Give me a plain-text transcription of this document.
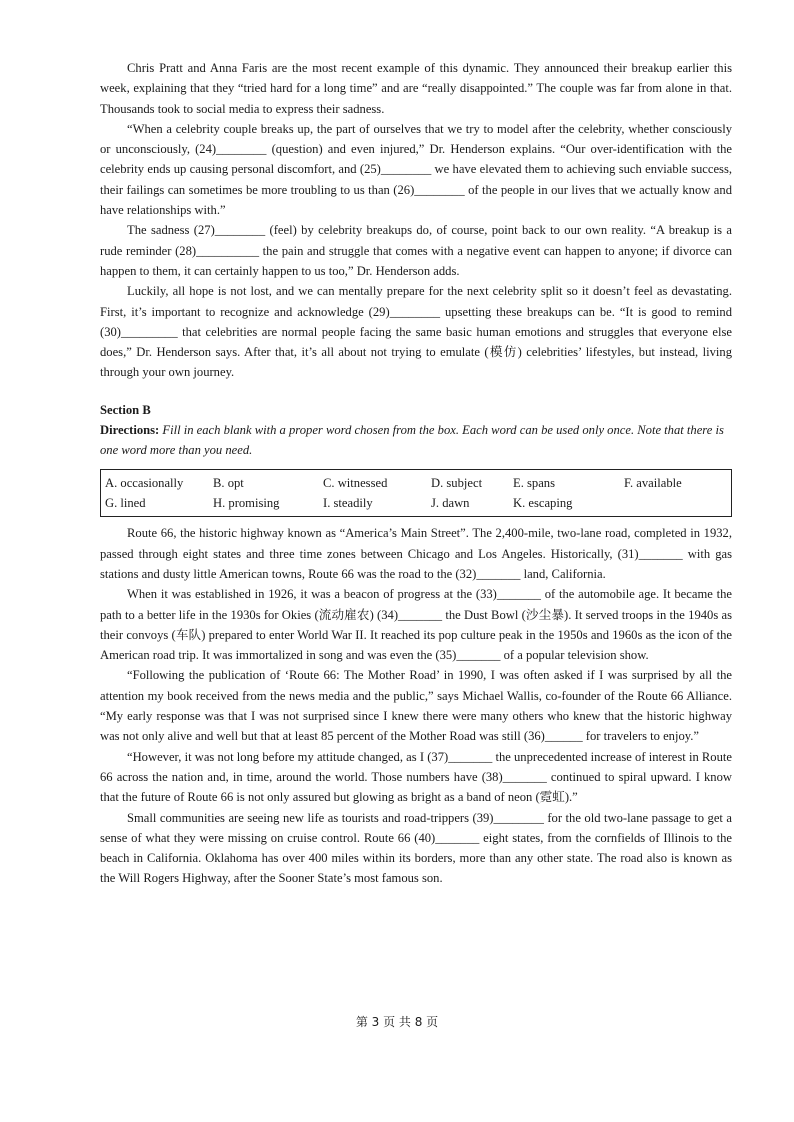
Chris Pratt and Anna Faris are the most recent example of this dynamic. They announced their breakup earlier this week, explaining that they “tried hard for a long time” and are “really disappointed.” The couple was far from alone in that. Thousands took to social media to express their sadness.

“When a celebrity couple breaks up, the part of ourselves that we try to model after the celebrity, whether consciously or unconsciously, (24)________ (question) and even injured,” Dr. Henderson explains. “Our over-identification with the celebrity ends up causing personal discomfort, and (25)________ we have elevated them to achieving such enviable success, their failings can sometimes be more troubling to us than (26)________ of the people in our lives that we actually know and have relationships with.”

The sadness (27)________ (feel) by celebrity breakups do, of course, point back to our own reality. “A breakup is a rude reminder (28)__________ the pain and struggle that comes with a negative event can happen to anyone; if divorce can happen to them, it can certainly happen to us too,” Dr. Henderson adds.

Luckily, all hope is not lost, and we can mentally prepare for the next celebrity split so it doesn’t feel as devastating. First, it’s important to recognize and acknowledge (29)________ upsetting these breakups can be. “It is good to remind (30)_________ that celebrities are normal people facing the same basic human emotions and struggles that everyone else does,” Dr. Henderson says. After that, it’s all about not trying to emulate (模仿) celebrities’ lifestyles, but instead, living through your own journey.

Section B
Directions: Fill in each blank with a proper word chosen from the box. Each word can be used only once. Note that there is one word more than you need.
A. occasionally	B. opt	C. witnessed	D. subject	E. spans	F. available
G. lined	H. promising	I. steadily	J. dawn	K. escaping

Route 66, the historic highway known as “America’s Main Street”. The 2,400-mile, two-lane road, completed in 1932, passed through eight states and three time zones between Chicago and Los Angeles. Historically, (31)_______ with gas stations and dusty little American towns, Route 66 was the road to the (32)_______ land, California.

When it was established in 1926, it was a beacon of progress at the (33)_______ of the automobile age. It became the path to a better life in the 1930s for Okies (流动雇农) (34)_______ the Dust Bowl (沙尘暴). It served troops in the 1940s as their convoys (车队) prepared to enter World War II. It reached its pop culture peak in the 1950s and 1960s as the icon of the American road trip. It was immortalized in song and was even the (35)_______ of a popular television show.

“Following the publication of ‘Route 66: The Mother Road’ in 1990, I was often asked if I was surprised by all the attention my book received from the news media and the public,” says Michael Wallis, co-founder of the Route 66 Alliance. “My early response was that I was not surprised since I knew there were many others who knew that the historic highway was not only alive and well but that at least 85 percent of the Mother Road was still (36)______ for travelers to enjoy.”

“However, it was not long before my attitude changed, as I (37)_______ the unprecedented increase of interest in Route 66 across the nation and, in time, around the world. Those numbers have (38)_______ continued to spiral upward. I know that the future of Route 66 is not only assured but glowing as bright as a band of neon (霓虹).”

Small communities are seeing new life as tourists and road-trippers (39)________ for the old two-lane passage to get a sense of what they were missing on cruise control. Route 66 (40)_______ eight states, from the cornfields of Illinois to the beach in California. Oklahoma has over 400 miles within its borders, more than any other state. The road also is known as the Will Rogers Highway, after the Sooner State’s most famous son.

第 3 页 共 8 页
